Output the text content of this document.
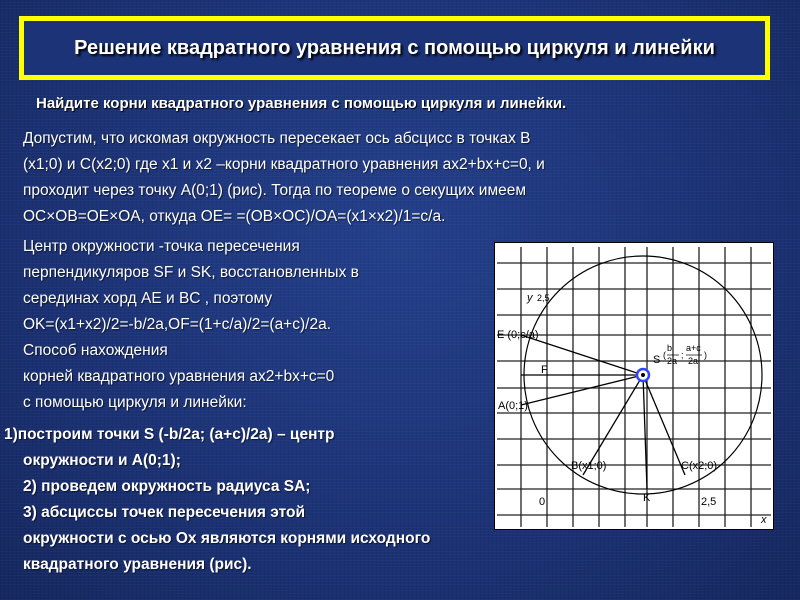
Решение квадратного уравнения с помощью циркуля и линейки
Найдите корни квадратного уравнения с помощью циркуля и линейки.
Допустим, что искомая окружность пересекает ось абсцисс в точках B
(x1;0) и C(x2;0) где x1 и x2 –корни квадратного уравнения ax2+bx+c=0, и
проходит через точку A(0;1) (рис). Тогда по теореме о секущих имеем
OC×OB=OE×OA, откуда OE= =(OB×OC)/OA=(x1×x2)/1=c/a.
Центр окружности -точка пересечения
перпендикуляров SF и SK, восстановленных в
серединах хорд AE и BC , поэтому
OK=(x1+x2)/2=-b/2a,OF=(1+c/a)/2=(a+c)/2a.
Способ нахождения
корней квадратного уравнения ax2+bx+c=0
с помощью циркуля и линейки:
1)построим точки S (-b/2a; (a+c)/2a) – центр
окружности и A(0;1);
2) проведем окружность радиуса SA;
3) абсциссы точек пересечения этой
окружности с осью Ох являются корнями исходного
квадратного уравнения (рис).
y 2,5
E (0;c/a)
F
A(0;1)
S (
b
2a
;
a+c
2a
)
B(x1;0)	C(x2;0)
0	K	2,5
x
